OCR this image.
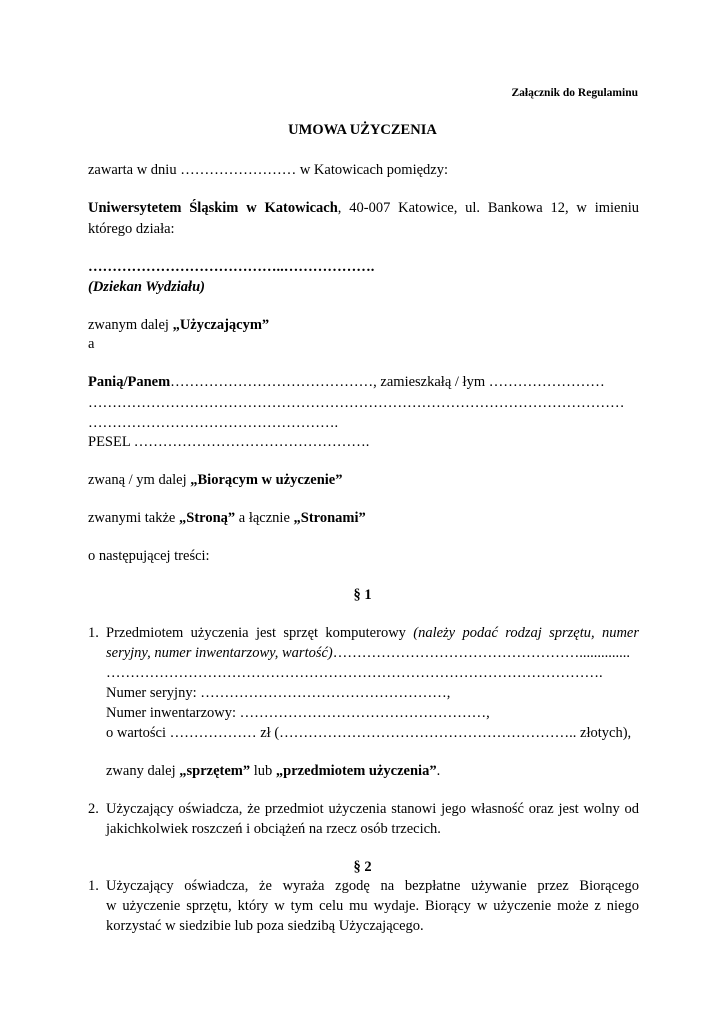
Załącznik do Regulaminu
UMOWA UŻYCZENIA
zawarta w dniu …………………… w Katowicach pomiędzy:
Uniwersytetem Śląskim w Katowicach, 40-007 Katowice, ul. Bankowa 12, w imieniu
którego działa:
…………………………………..……………….
(Dziekan Wydziału)
zwanym dalej „Użyczającym”
a
Panią/Panem……………………………………, zamieszkałą / łym ……………………
…………………………………………………………………………………………………
…………………………………………….
PESEL ………………………………………….
zwaną / ym dalej „Biorącym w użyczenie”
zwanymi także „Stroną” a łącznie „Stronami”
o następującej treści:
§ 1
1. Przedmiotem użyczenia jest sprzęt komputerowy (należy podać rodzaj sprzętu, numer
seryjny, numer inwentarzowy, wartość)……………………………………………..............
………………………………………………………………………………………….
Numer seryjny: ……………………………………………,
Numer inwentarzowy: ……………………………………………,
o wartości ……………… zł (…………………………………………………….. złotych),
zwany dalej „sprzętem” lub „przedmiotem użyczenia”.
2. Użyczający oświadcza, że przedmiot użyczenia stanowi jego własność oraz jest wolny od
jakichkolwiek roszczeń i obciążeń na rzecz osób trzecich.
§ 2
1. Użyczający oświadcza, że wyraża zgodę na bezpłatne używanie przez Biorącego
w użyczenie sprzętu, który w tym celu mu wydaje. Biorący w użyczenie może z niego
korzystać w siedzibie lub poza siedzibą Użyczającego.
